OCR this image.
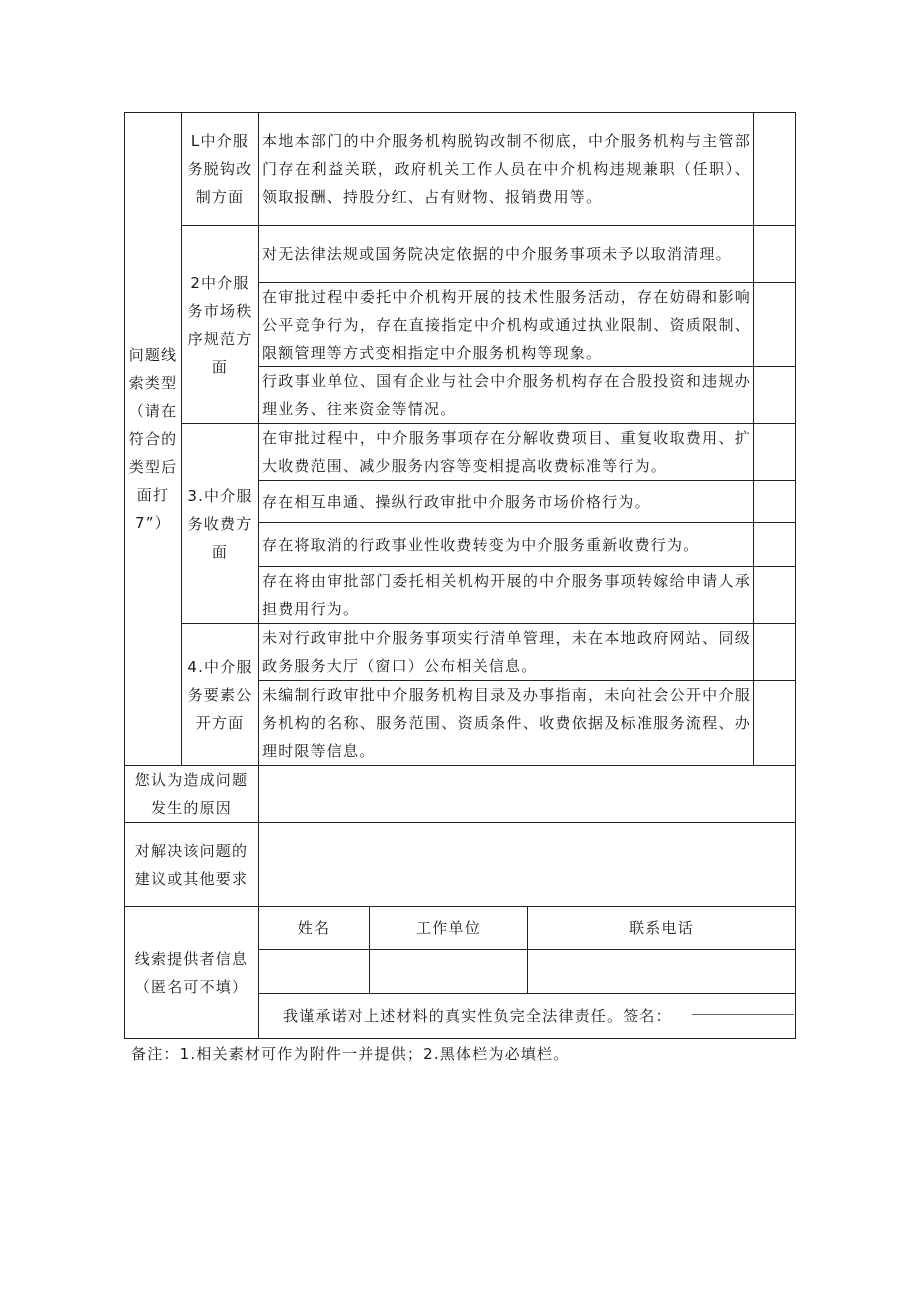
问题线索类型（请在符合的类型后面打7”）
L中介服务脱钩改制方面
2中介服务市场秩序规范方面
3.中介服务收费方面
4.中介服务要素公开方面
本地本部门的中介服务机构脱钩改制不彻底，中介服务机构与主管部门存在利益关联，政府机关工作人员在中介机构违规兼职（任职）、领取报酬、持股分红、占有财物、报销费用等。
对无法律法规或国务院决定依据的中介服务事项未予以取消清理。
在审批过程中委托中介机构开展的技术性服务活动，存在妨碍和影响公平竞争行为，存在直接指定中介机构或通过执业限制、资质限制、限额管理等方式变相指定中介服务机构等现象。
行政事业单位、国有企业与社会中介服务机构存在合股投资和违规办理业务、往来资金等情况。
在审批过程中，中介服务事项存在分解收费项目、重复收取费用、扩大收费范围、减少服务内容等变相提高收费标准等行为。
存在相互串通、操纵行政审批中介服务市场价格行为。
存在将取消的行政事业性收费转变为中介服务重新收费行为。
存在将由审批部门委托相关机构开展的中介服务事项转嫁给申请人承担费用行为。
未对行政审批中介服务事项实行清单管理，未在本地政府网站、同级政务服务大厅（窗口）公布相关信息。
未编制行政审批中介服务机构目录及办事指南，未向社会公开中介服务机构的名称、服务范围、资质条件、收费依据及标准服务流程、办理时限等信息。
您认为造成问题发生的原因
对解决该问题的建议或其他要求
线索提供者信息（匿名可不填）
姓名	工作单位	联系电话
我谨承诺对上述材料的真实性负完全法律责任。签名：
备注：1.相关素材可作为附件一并提供；2.黑体栏为必填栏。
